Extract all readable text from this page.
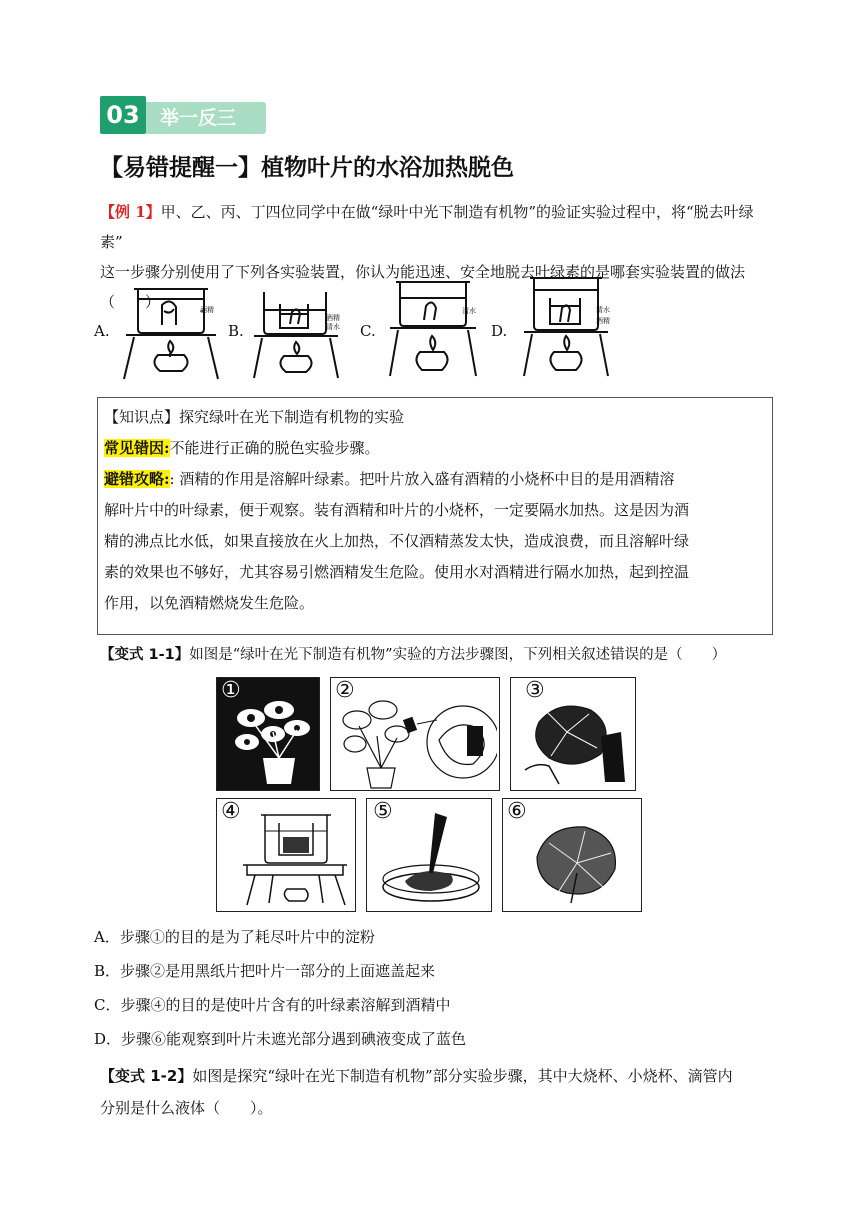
03	举一反三
【易错提醒一】植物叶片的水浴加热脱色
【例 1】甲、乙、丙、丁四位同学中在做“绿叶中光下制造有机物”的验证实验过程中，将“脱去叶绿素”
这一步骤分别使用了下列各实验装置，你认为能迅速、安全地脱去叶绿素的是哪套实验装置的做法（　　）
A.
酒精
B.
酒精
清水 C.
清水
D.
清水
酒精
【知识点】探究绿叶在光下制造有机物的实验
常见错因:不能进行正确的脱色实验步骤。
避错攻略:: 酒精的作用是溶解叶绿素。把叶片放入盛有酒精的小烧杯中目的是用酒精溶
解叶片中的叶绿素，便于观察。装有酒精和叶片的小烧杯，一定要隔水加热。这是因为酒
精的沸点比水低，如果直接放在火上加热，不仅酒精蒸发太快，造成浪费，而且溶解叶绿
素的效果也不够好，尤其容易引燃酒精发生危险。使用水对酒精进行隔水加热，起到控温
作用，以免酒精燃烧发生危险。
【变式 1-1】如图是“绿叶在光下制造有机物”实验的方法步骤图，下列相关叙述错误的是（　　）
①	②	③
④	⑤	⑥
A．步骤①的目的是为了耗尽叶片中的淀粉
B．步骤②是用黑纸片把叶片一部分的上面遮盖起来
C．步骤④的目的是使叶片含有的叶绿素溶解到酒精中
D．步骤⑥能观察到叶片未遮光部分遇到碘液变成了蓝色
【变式 1-2】如图是探究“绿叶在光下制造有机物”部分实验步骤，其中大烧杯、小烧杯、滴管内
分别是什么液体（　　）。
